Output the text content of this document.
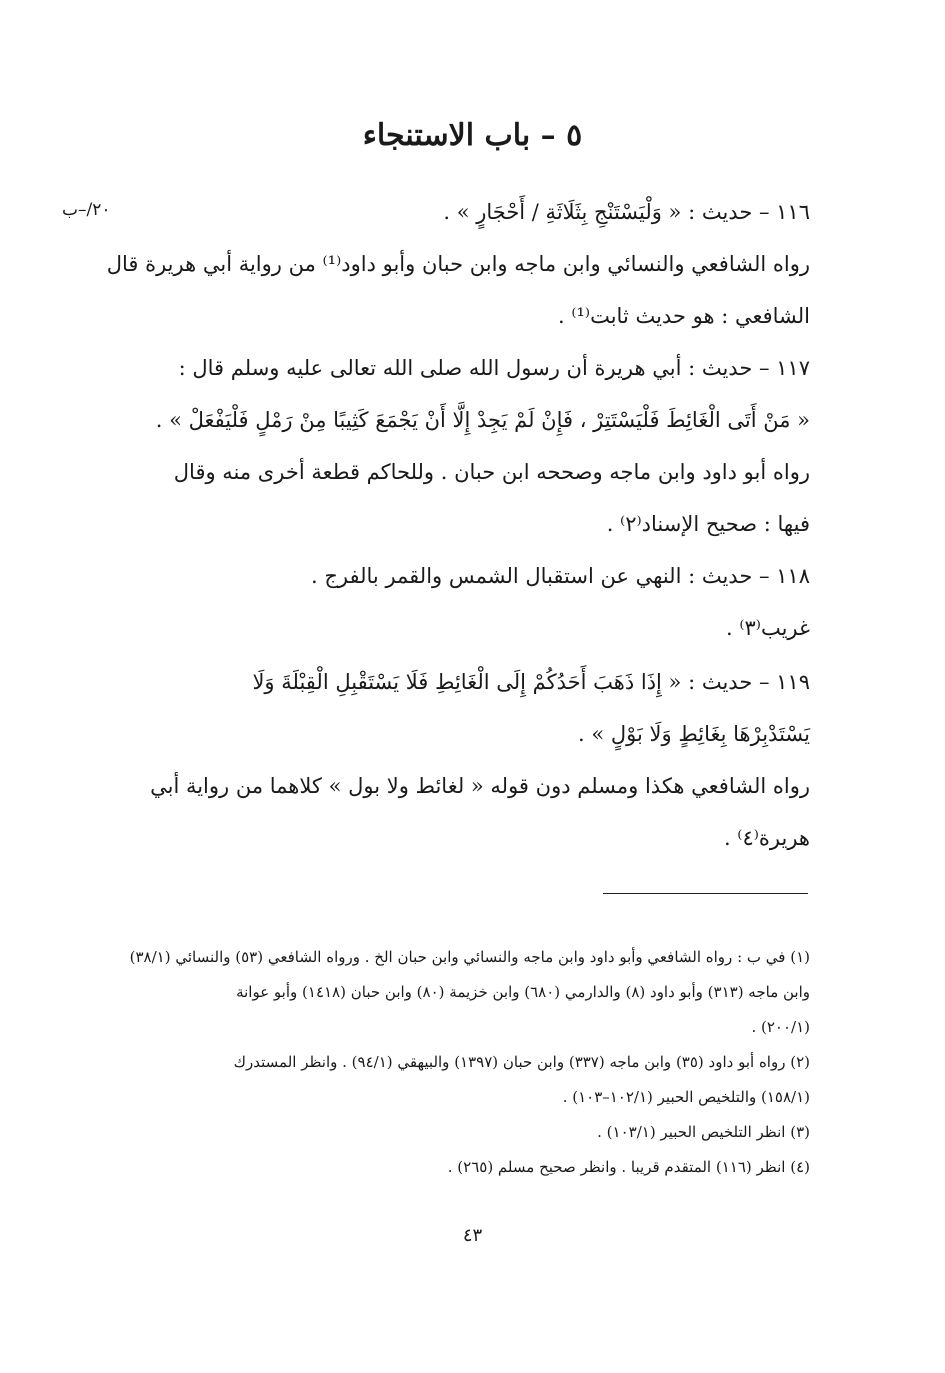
٥ – باب الاستنجاء
٢٠/–ب	١١٦ – حديث : « وَلْيَسْتَنْجِ بِثَلَاثَةِ / أَحْجَارٍ » .
رواه الشافعي والنسائي وابن ماجه وابن حبان وأبو داود⁽¹⁾ من رواية أبي هريرة قال
الشافعي : هو حديث ثابت⁽¹⁾ .
١١٧ – حديث : أبي هريرة أن رسول الله صلى الله تعالى عليه وسلم قال :
« مَنْ أَتَى الْغَائِطَ فَلْيَسْتَتِرْ ، فَإِنْ لَمْ يَجِدْ إِلَّا أَنْ يَجْمَعَ كَثِيبًا مِنْ رَمْلٍ فَلْيَفْعَلْ » .
رواه أبو داود وابن ماجه وصححه ابن حبان . وللحاكم قطعة أخرى منه وقال
فيها : صحيح الإسناد⁽٢⁾ .
١١٨ – حديث : النهي عن استقبال الشمس والقمر بالفرج .
غريب⁽٣⁾ .
١١٩ – حديث : « إِذَا ذَهَبَ أَحَدُكُمْ إِلَى الْغَائِطِ فَلَا يَسْتَقْبِلِ الْقِبْلَةَ وَلَا
يَسْتَدْبِرْهَا بِغَائِطٍ وَلَا بَوْلٍ » .
رواه الشافعي هكذا ومسلم دون قوله « لغائط ولا بول » كلاهما من رواية أبي
هريرة⁽٤⁾ .
(١) في ب : رواه الشافعي وأبو داود وابن ماجه والنسائي وابن حبان الخ . ورواه الشافعي (٥٣) والنسائي (٣٨/١)
وابن ماجه (٣١٣) وأبو داود (٨) والدارمي (٦٨٠) وابن خزيمة (٨٠) وابن حبان (١٤١٨) وأبو عوانة
(٢٠٠/١) .
(٢) رواه أبو داود (٣٥) وابن ماجه (٣٣٧) وابن حبان (١٣٩٧) والبيهقي (٩٤/١) . وانظر المستدرك
(١٥٨/١) والتلخيص الحبير (١٠٢/١–١٠٣) .
(٣) انظر التلخيص الحبير (١٠٣/١) .
(٤) انظر (١١٦) المتقدم قريبا . وانظر صحيح مسلم (٢٦٥) .
٤٣
